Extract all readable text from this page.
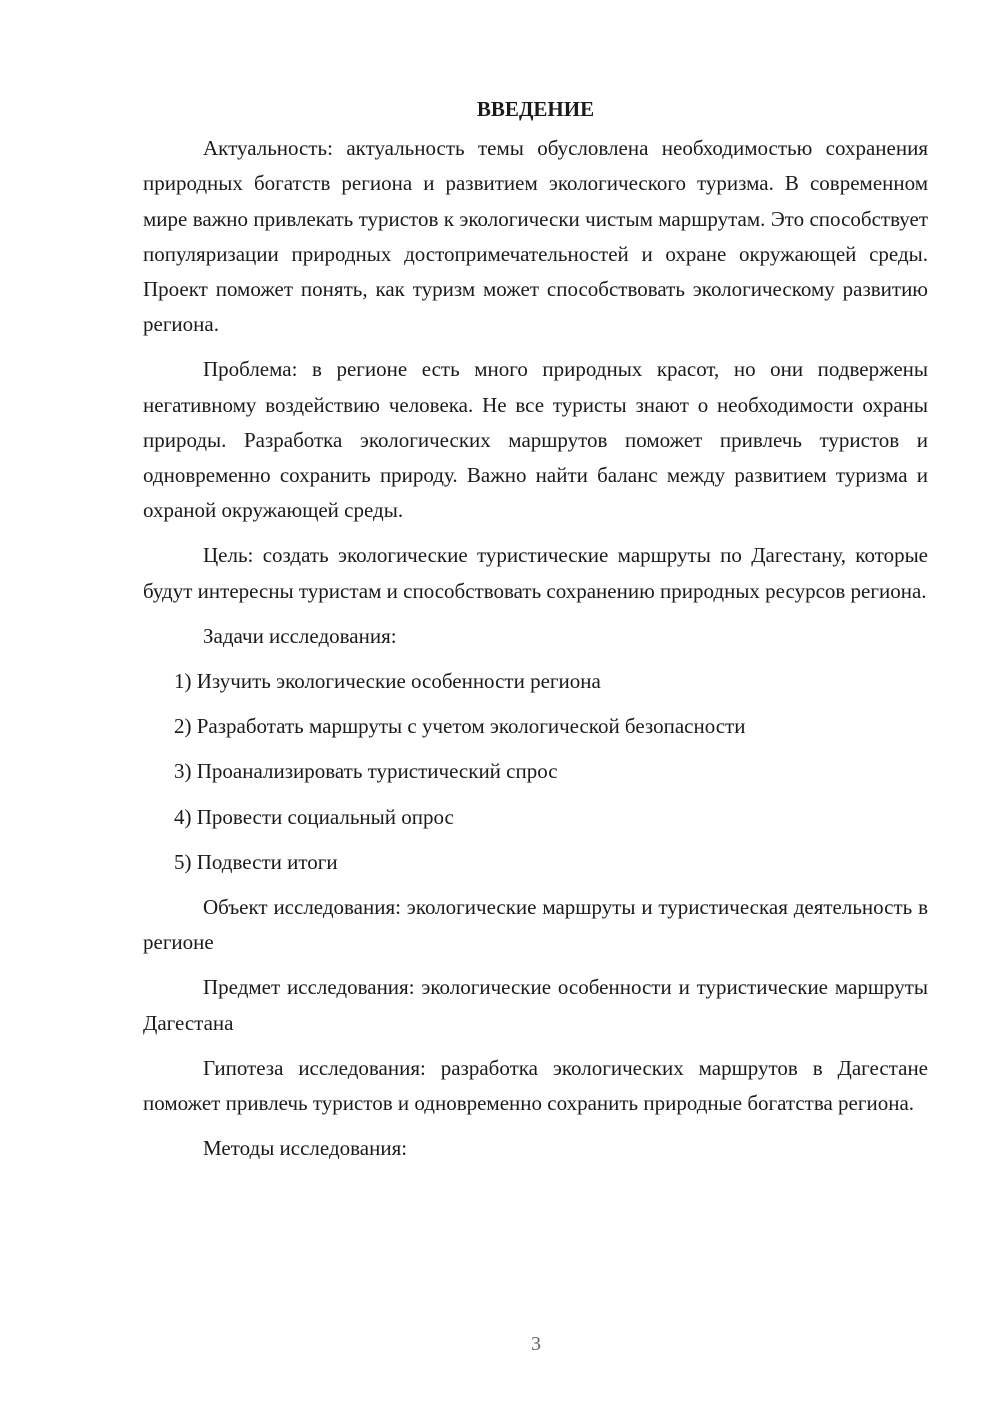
ВВЕДЕНИЕ

Актуальность: актуальность темы обусловлена необходимостью сохранения природных богатств региона и развитием экологического туризма. В современном мире важно привлекать туристов к экологически чистым маршрутам. Это способствует популяризации природных достопримечательностей и охране окружающей среды. Проект поможет понять, как туризм может способствовать экологическому развитию региона.

Проблема: в регионе есть много природных красот, но они подвержены негативному воздействию человека. Не все туристы знают о необходимости охраны природы. Разработка экологических маршрутов поможет привлечь туристов и одновременно сохранить природу. Важно найти баланс между развитием туризма и охраной окружающей среды.

Цель: создать экологические туристические маршруты по Дагестану, которые будут интересны туристам и способствовать сохранению природных ресурсов региона.

Задачи исследования:

1) Изучить экологические особенности региона

2) Разработать маршруты с учетом экологической безопасности

3) Проанализировать туристический спрос

4) Провести социальный опрос

5) Подвести итоги

Объект исследования: экологические маршруты и туристическая деятельность в регионе

Предмет исследования: экологические особенности и туристические маршруты Дагестана

Гипотеза исследования: разработка экологических маршрутов в Дагестане поможет привлечь туристов и одновременно сохранить природные богатства региона.

Методы исследования:

3
